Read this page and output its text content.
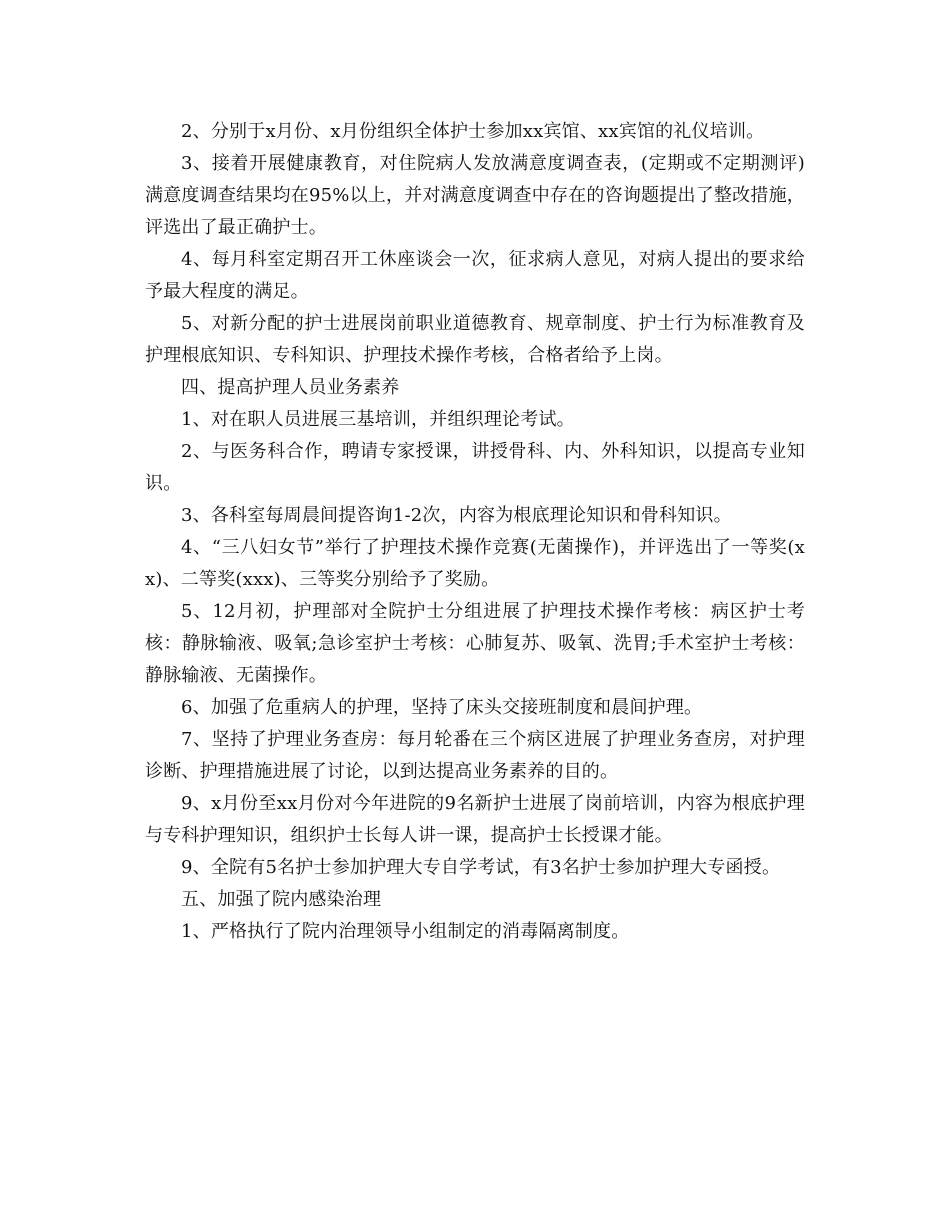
2、分别于x月份、x月份组织全体护士参加xx宾馆、xx宾馆的礼仪培训。

3、接着开展健康教育，对住院病人发放满意度调查表，(定期或不定期测评)满意度调查结果均在95%以上，并对满意度调查中存在的咨询题提出了整改措施，评选出了最正确护士。

4、每月科室定期召开工休座谈会一次，征求病人意见，对病人提出的要求给予最大程度的满足。

5、对新分配的护士进展岗前职业道德教育、规章制度、护士行为标准教育及护理根底知识、专科知识、护理技术操作考核，合格者给予上岗。

四、提高护理人员业务素养

1、对在职人员进展三基培训，并组织理论考试。

2、与医务科合作，聘请专家授课，讲授骨科、内、外科知识，以提高专业知识。

3、各科室每周晨间提咨询1-2次，内容为根底理论知识和骨科知识。

4、“三八妇女节”举行了护理技术操作竞赛(无菌操作)，并评选出了一等奖(xx)、二等奖(xxx)、三等奖分别给予了奖励。

5、12月初，护理部对全院护士分组进展了护理技术操作考核：病区护士考核：静脉输液、吸氧;急诊室护士考核：心肺复苏、吸氧、洗胃;手术室护士考核：静脉输液、无菌操作。

6、加强了危重病人的护理，坚持了床头交接班制度和晨间护理。

7、坚持了护理业务查房：每月轮番在三个病区进展了护理业务查房，对护理诊断、护理措施进展了讨论，以到达提高业务素养的目的。

9、x月份至xx月份对今年进院的9名新护士进展了岗前培训，内容为根底护理与专科护理知识，组织护士长每人讲一课，提高护士长授课才能。

9、全院有5名护士参加护理大专自学考试，有3名护士参加护理大专函授。

五、加强了院内感染治理

1、严格执行了院内治理领导小组制定的消毒隔离制度。
